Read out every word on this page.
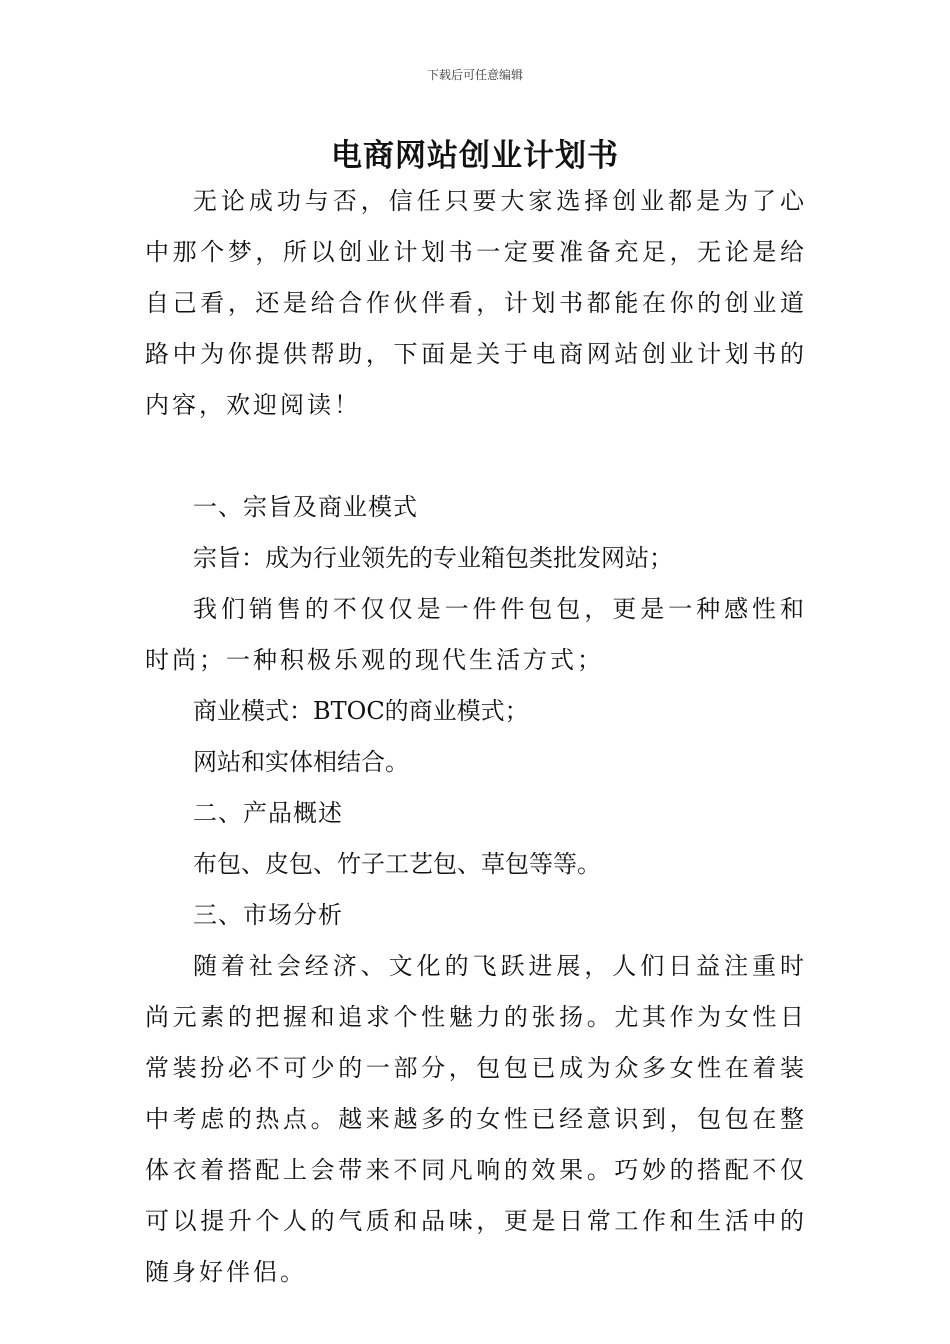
下载后可任意编辑
电商网站创业计划书

无论成功与否，信任只要大家选择创业都是为了心中那个梦，所以创业计划书一定要准备充足，无论是给自己看，还是给合作伙伴看，计划书都能在你的创业道路中为你提供帮助，下面是关于电商网站创业计划书的内容，欢迎阅读！

一、宗旨及商业模式

宗旨：成为行业领先的专业箱包类批发网站；

我们销售的不仅仅是一件件包包，更是一种感性和时尚；一种积极乐观的现代生活方式；

商业模式：BTOC的商业模式；

网站和实体相结合。

二、产品概述

布包、皮包、竹子工艺包、草包等等。

三、市场分析

随着社会经济、文化的飞跃进展，人们日益注重时尚元素的把握和追求个性魅力的张扬。尤其作为女性日常装扮必不可少的一部分，包包已成为众多女性在着装中考虑的热点。越来越多的女性已经意识到，包包在整体衣着搭配上会带来不同凡响的效果。巧妙的搭配不仅可以提升个人的气质和品味，更是日常工作和生活中的随身好伴侣。
